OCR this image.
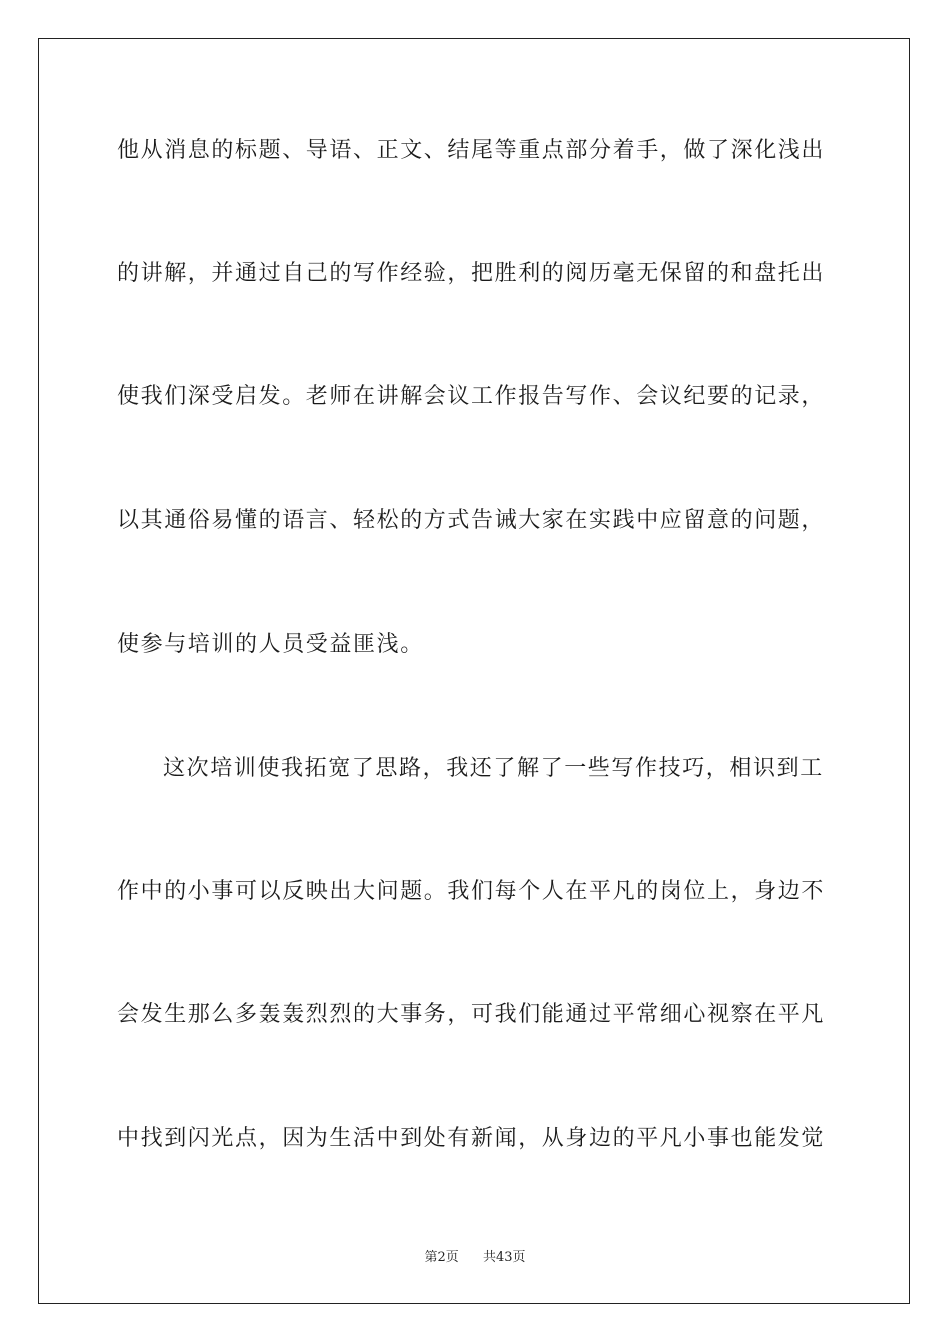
他从消息的标题、导语、正文、结尾等重点部分着手，做了深化浅出
的讲解，并通过自己的写作经验，把胜利的阅历毫无保留的和盘托出
使我们深受启发。老师在讲解会议工作报告写作、会议纪要的记录，
以其通俗易懂的语言、轻松的方式告诫大家在实践中应留意的问题，
使参与培训的人员受益匪浅。
这次培训使我拓宽了思路，我还了解了一些写作技巧，相识到工
作中的小事可以反映出大问题。我们每个人在平凡的岗位上，身边不
会发生那么多轰轰烈烈的大事务，可我们能通过平常细心视察在平凡
中找到闪光点，因为生活中到处有新闻，从身边的平凡小事也能发觉
第2页 共43页
